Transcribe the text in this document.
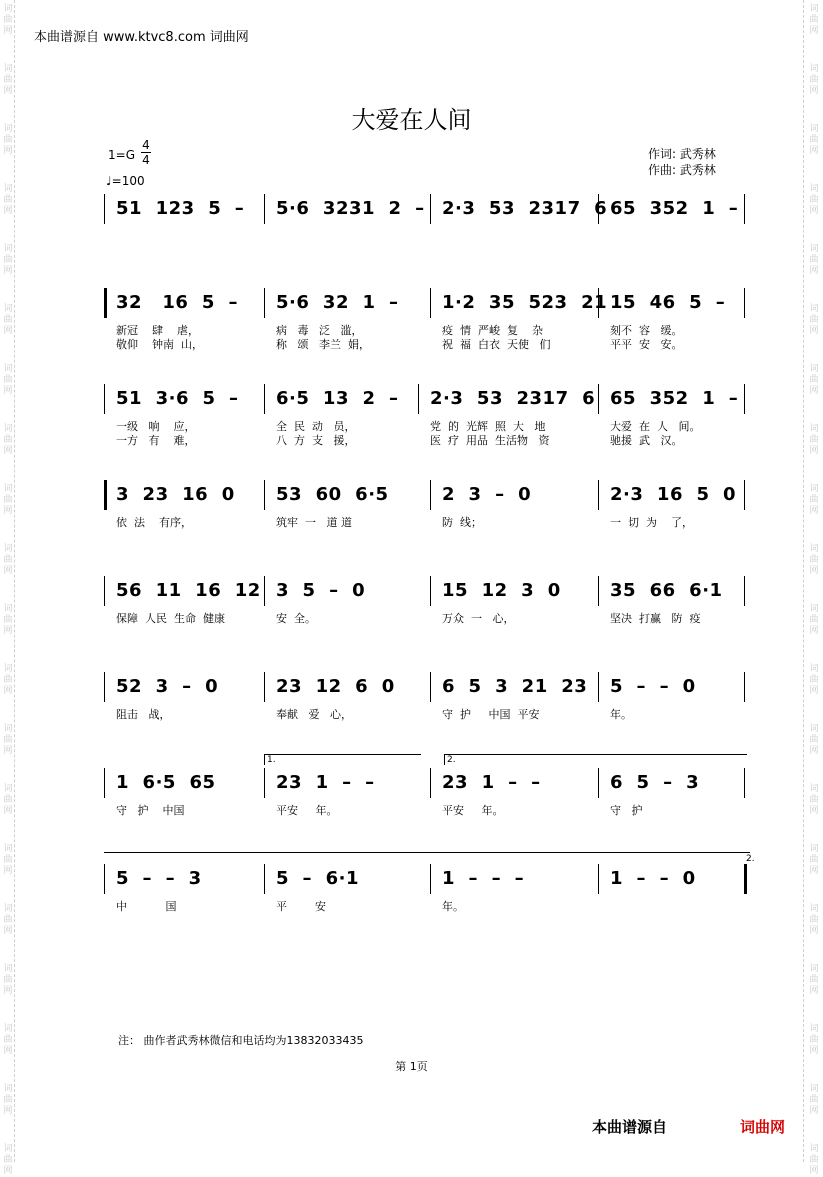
词
曲
网
词
曲
网
词
曲
网
词
曲
网
词
曲
网
词
曲
网
词
曲
网
词
曲
网
词
曲
网
词
曲
网
词
曲
网
词
曲
网
词
曲
网
词
曲
网
词
曲
网
词
曲
网
词
曲
网
词
曲
网
词
曲
网
词
曲
网
词
曲
网
词
曲
网
词
曲
网
词
曲
网
词
曲
网
词
曲
网
词
曲
网
词
曲
网
词
曲
网
词
曲
网
词
曲
网
词
曲
网
词
曲
网
词
曲
网
词
曲
网
词
曲
网
词
曲
网
词
曲
网
词
曲
网
词
曲
网
本曲谱源自 www.ktvc8.com 词曲网
大爱在人间
1=G
4
4
♩=100
作词: 武秀林
作曲: 武秀林
51  123  5  – 5·6  3231  2  – 2·3  53  2317  6 65  352  1  –
32   16  5  –
新冠    肆    虐，
敬仰    钟南  山，
5·6  32  1  –
病   毒   泛   滥，
称   颂   李兰  娟，
1·2  35  523  21
疫  情  严峻  复    杂
祝  福  白衣  天使   们
15  46  5  –
刻不  容   缓。
平平  安   安。
51  3·6  5  –
一级   响    应，
一方   有    难，
6·5  13  2  –
全  民  动   员，
八  方  支   援，
2·3  53  2317  6
党  的  光辉  照  大   地
医  疗  用品  生活物   资
65  352  1  –
大爱  在  人   间。
驰援  武   汉。
3  23  16  0
依  法    有序，
53  60  6·5
筑牢  一   道 道
2  3  –  0
防  线；
2·3  16  5  0
一  切  为    了，
56  11  16  12
保障  人民  生命  健康
3  5  –  0
安  全。
15  12  3  0
万众  一   心，
35  66  6·1
坚决  打赢   防  疫
52  3  –  0
阻击   战，
23  12  6  0
奉献   爱   心，
6  5  3  21  23
守  护     中国  平安
5  –  –  0
年。
1  6·5  65
守   护    中国
23  1  –  –
平安     年。
23  1  –  –
平安     年。
6  5  –  3
守   护
1.	2.
5  –  –  3
中           国
5  –  6·1
平        安
1  –  –  –
年。
1  –  –  0
2.
注： 曲作者武秀林微信和电话均为13832033435
第 1页
本曲谱源自	词曲网
